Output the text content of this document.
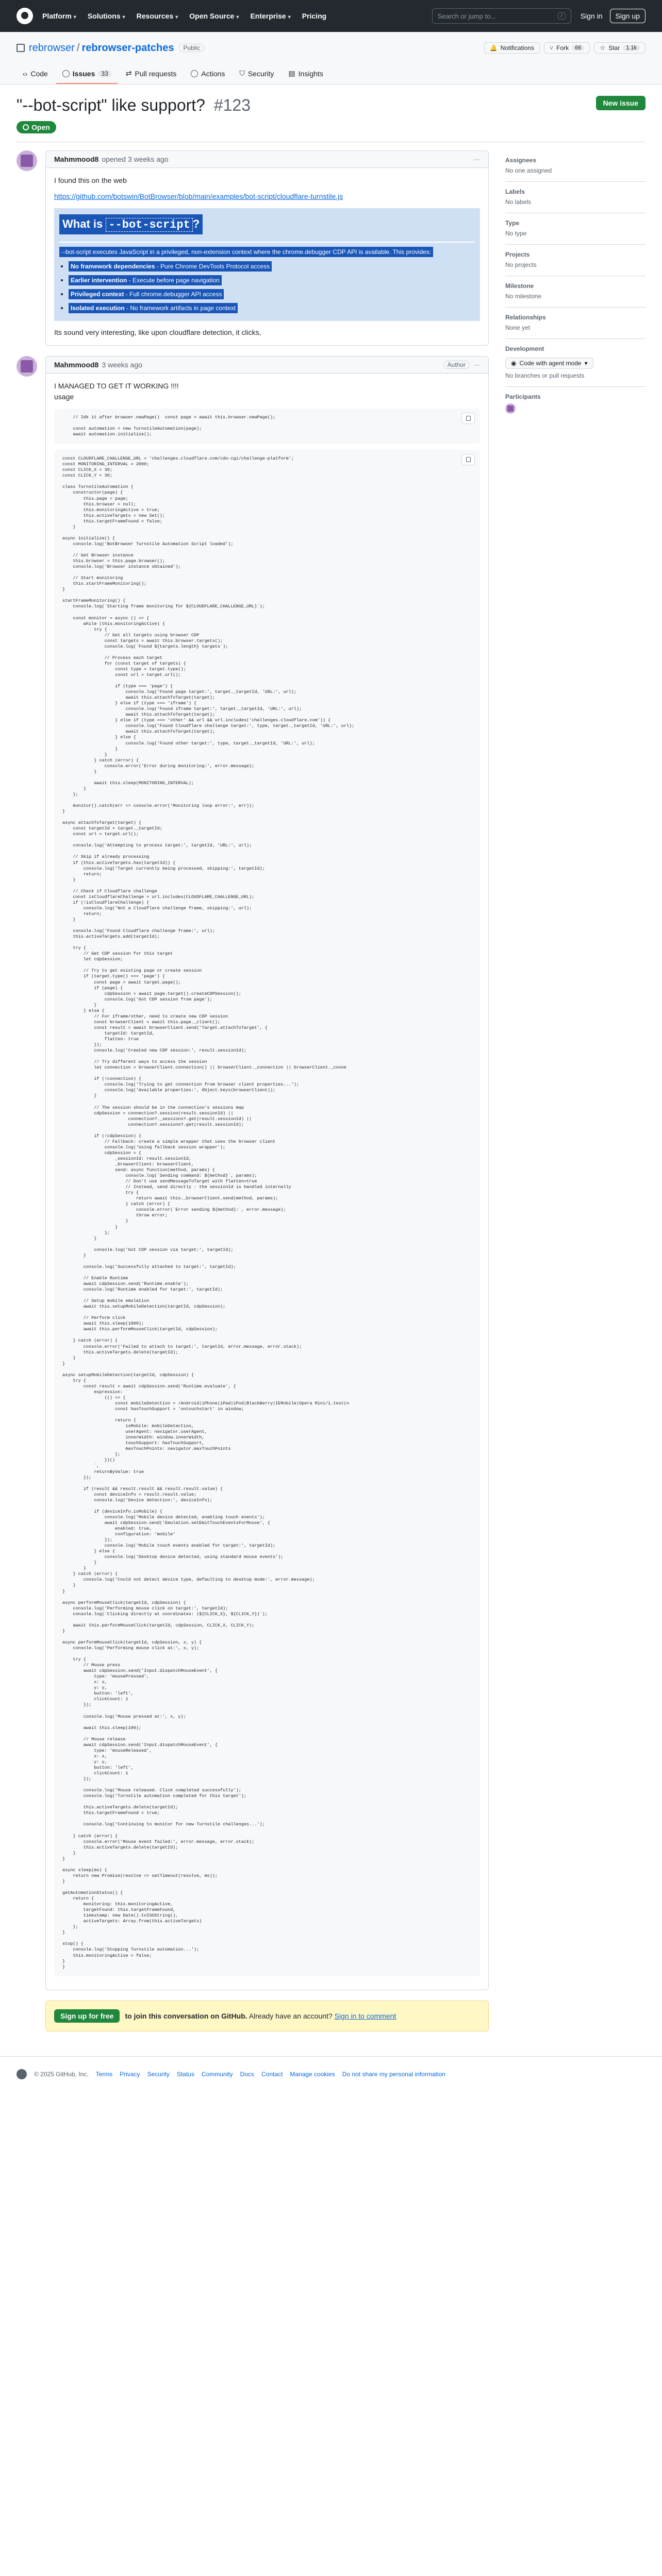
Platform ▾ Solutions ▾ Resources ▾ Open Source ▾ Enterprise ▾ Pricing	Search or jump to...	/	Sign in	Sign up
rebrowser / rebrowser-patches	Public	🔔 Notifications	⑂ Fork	66	☆ Star	1.1k
‹› Code	Issues	33	⇄ Pull requests	Actions ⛉ Security ▤ Insights
"--bot-script" like support? #123	New issue
Open
Mahmmood8 opened 3 weeks ago	···
I found this on the web
https://github.com/botswin/BotBrowser/blob/main/examples/bot-script/cloudflare-turnstile.js
What is --bot-script ?
--bot-script executes JavaScript in a privileged, non-extension context where the chrome.debugger CDP API is available. This provides:
• No framework dependencies - Pure Chrome DevTools Protocol access
• Earlier intervention - Execute before page navigation
• Privileged context - Full chrome.debugger API access
• Isolated execution - No framework artifacts in page context
Its sound very interesting, like upon cloudflare detection, it clicks,
Mahmmood8 3 weeks ago	Author	···
I MANAGED TO GET IT WORKING !!!!
usage
// Idk it after browser.newPage()  const page = await this.browser.newPage();

const automation = new TurnstileAutomation(page);
await automation.initialize();
const CLOUDFLARE_CHALLENGE_URL = 'challenges.cloudflare.com/cdn-cgi/challenge-platform';
const MONITORING_INTERVAL = 2000;
const CLICK_X = 30;
const CLICK_Y = 30;

class TurnstileAutomation {
constructor(page) {
this.page = page;
this.browser = null;
this.monitoringActive = true;
this.activeTargets = new Set();
this.targetFrameFound = false;
}

async initialize() {
console.log('BotBrowser Turnstile Automation Script loaded');

// Get Browser instance
this.browser = this.page.browser();
console.log('Browser instance obtained');

// Start monitoring
this.startFrameMonitoring();
}

startFrameMonitoring() {
console.log(`Starting frame monitoring for ${CLOUDFLARE_CHALLENGE_URL}`);

const monitor = async () => {
while (this.monitoringActive) {
try {
// Get all targets using browser CDP
const targets = await this.browser.targets();
console.log(`Found ${targets.length} targets`);

// Process each target
for (const target of targets) {
const type = target.type();
const url = target.url();

if (type === 'page') {
console.log('Found page target:', target._targetId, 'URL:', url);
await this.attachToTarget(target);
} else if (type === 'iframe') {
console.log('Found iframe target:', target._targetId, 'URL:', url);
await this.attachToTarget(target);
} else if (type === 'other' && url && url.includes('challenges.cloudflare.com')) {
console.log('Found Cloudflare challenge target:', type, target._targetId, 'URL:', url);
await this.attachToTarget(target);
} else {
console.log('Found other target:', type, target._targetId, 'URL:', url);
}
}
} catch (error) {
console.error('Error during monitoring:', error.message);
}

await this.sleep(MONITORING_INTERVAL);
}
};

monitor().catch(err => console.error('Monitoring loop error:', err));
}

async attachToTarget(target) {
const targetId = target._targetId;
const url = target.url();

console.log('Attempting to process target:', targetId, 'URL:', url);

// Skip if already processing
if (this.activeTargets.has(targetId)) {
console.log('Target currently being processed, skipping:', targetId);
return;
}

// Check if Cloudflare challenge
const isCloudflareChallenge = url.includes(CLOUDFLARE_CHALLENGE_URL);
if (!isCloudflareChallenge) {
console.log('Not a Cloudflare challenge frame, skipping:', url);
return;
}

console.log('Found Cloudflare challenge frame:', url);
this.activeTargets.add(targetId);

try {
// Get CDP session for this target
let cdpSession;

// Try to get existing page or create session
if (target.type() === 'page') {
const page = await target.page();
if (page) {
cdpSession = await page.target().createCDPSession();
console.log('Got CDP session from page');
}
} else {
// For iframe/other, need to create new CDP session
const browserClient = await this.page._client();
const result = await browserClient.send('Target.attachToTarget', {
targetId: targetId,
flatten: true
});
console.log('Created new CDP session:', result.sessionId);

// Try different ways to access the session
let connection = browserClient.connection() || browserClient._connection || browserClient._conne

if (!connection) {
console.log('Trying to get connection from browser client properties...');
console.log('Available properties:', Object.keys(browserClient));
}

// The session should be in the connection's sessions map
cdpSession = connection?.session(result.sessionId) ||
connection?._sessions?.get(result.sessionId) ||
connection?.sessions?.get(result.sessionId);

if (!cdpSession) {
// Fallback: create a simple wrapper that uses the browser client
console.log('Using fallback session wrapper');
cdpSession = {
_sessionId: result.sessionId,
_browserClient: browserClient,
send: async function(method, params) {
console.log(`Sending command: ${method}`, params);
// Don't use sendMessageToTarget with flatten=true
// Instead, send directly - the sessionId is handled internally
try {
return await this._browserClient.send(method, params);
} catch (error) {
console.error(`Error sending ${method}:`, error.message);
throw error;
}
}
};
}

console.log('Got CDP session via target:', targetId);
}

console.log('Successfully attached to target:', targetId);

// Enable Runtime
await cdpSession.send('Runtime.enable');
console.log('Runtime enabled for target:', targetId);

// Setup mobile emulation
await this.setupMobileDetection(targetId, cdpSession);

// Perform click
await this.sleep(1000);
await this.performMouseClick(targetId, cdpSession);

} catch (error) {
console.error('Failed to attach to target:', targetId, error.message, error.stack);
this.activeTargets.delete(targetId);
}
}

async setupMobileDetection(targetId, cdpSession) {
try {
const result = await cdpSession.send('Runtime.evaluate', {
expression: `
(() => {
const mobileDetection = /Android|iPhone|iPad|iPod|BlackBerry|IEMobile|Opera Mini/i.test(n
const hasTouchSupport = 'ontouchstart' in window;

return {
isMobile: mobileDetection,
userAgent: navigator.userAgent,
innerWidth: window.innerWidth,
touchSupport: hasTouchSupport,
maxTouchPoints: navigator.maxTouchPoints
};
})()
`,
returnByValue: true
});

if (result && result.result && result.result.value) {
const deviceInfo = result.result.value;
console.log('Device detection:', deviceInfo);

if (deviceInfo.isMobile) {
console.log('Mobile device detected, enabling touch events');
await cdpSession.send('Emulation.setEmitTouchEventsForMouse', {
enabled: true,
configuration: 'mobile'
});
console.log('Mobile touch events enabled for target:', targetId);
} else {
console.log('Desktop device detected, using standard mouse events');
}
}
} catch (error) {
console.log('Could not detect device type, defaulting to desktop mode:', error.message);
}
}

async performMouseClick(targetId, cdpSession) {
console.log('Performing mouse click on target:', targetId);
console.log(`Clicking directly at coordinates: (${CLICK_X}, ${CLICK_Y})`);

await this.performMouseClick(targetId, cdpSession, CLICK_X, CLICK_Y);
}

async performMouseClick(targetId, cdpSession, x, y) {
console.log('Performing mouse click at:', x, y);

try {
// Mouse press
await cdpSession.send('Input.dispatchMouseEvent', {
type: 'mousePressed',
x: x,
y: y,
button: 'left',
clickCount: 1
});

console.log('Mouse pressed at:', x, y);

await this.sleep(100);

// Mouse release
await cdpSession.send('Input.dispatchMouseEvent', {
type: 'mouseReleased',
x: x,
y: y,
button: 'left',
clickCount: 1
});

console.log('Mouse released. Click completed successfully');
console.log('Turnstile automation completed for this target');

this.activeTargets.delete(targetId);
this.targetFrameFound = true;

console.log('Continuing to monitor for new Turnstile challenges...');

} catch (error) {
console.error('Mouse event failed:', error.message, error.stack);
this.activeTargets.delete(targetId);
}
}

async sleep(ms) {
return new Promise(resolve => setTimeout(resolve, ms));
}

getAutomationStatus() {
return {
monitoring: this.monitoringActive,
targetFound: this.targetFrameFound,
timestamp: new Date().toISOString(),
activeTargets: Array.from(this.activeTargets)
};
}

stop() {
console.log('Stopping Turnstile automation...');
this.monitoringActive = false;
}
}
Assignees
No one assigned
Labels
No labels
Type
No type
Projects
No projects
Milestone
No milestone
Relationships
None yet
Development
◉ Code with agent mode ▾
No branches or pull requests
Participants
Sign up for free	to join this conversation on GitHub. Already have an account? Sign in to comment
© 2025 GitHub, Inc. Terms Privacy Security Status Community Docs Contact Manage cookies Do not share my personal information
